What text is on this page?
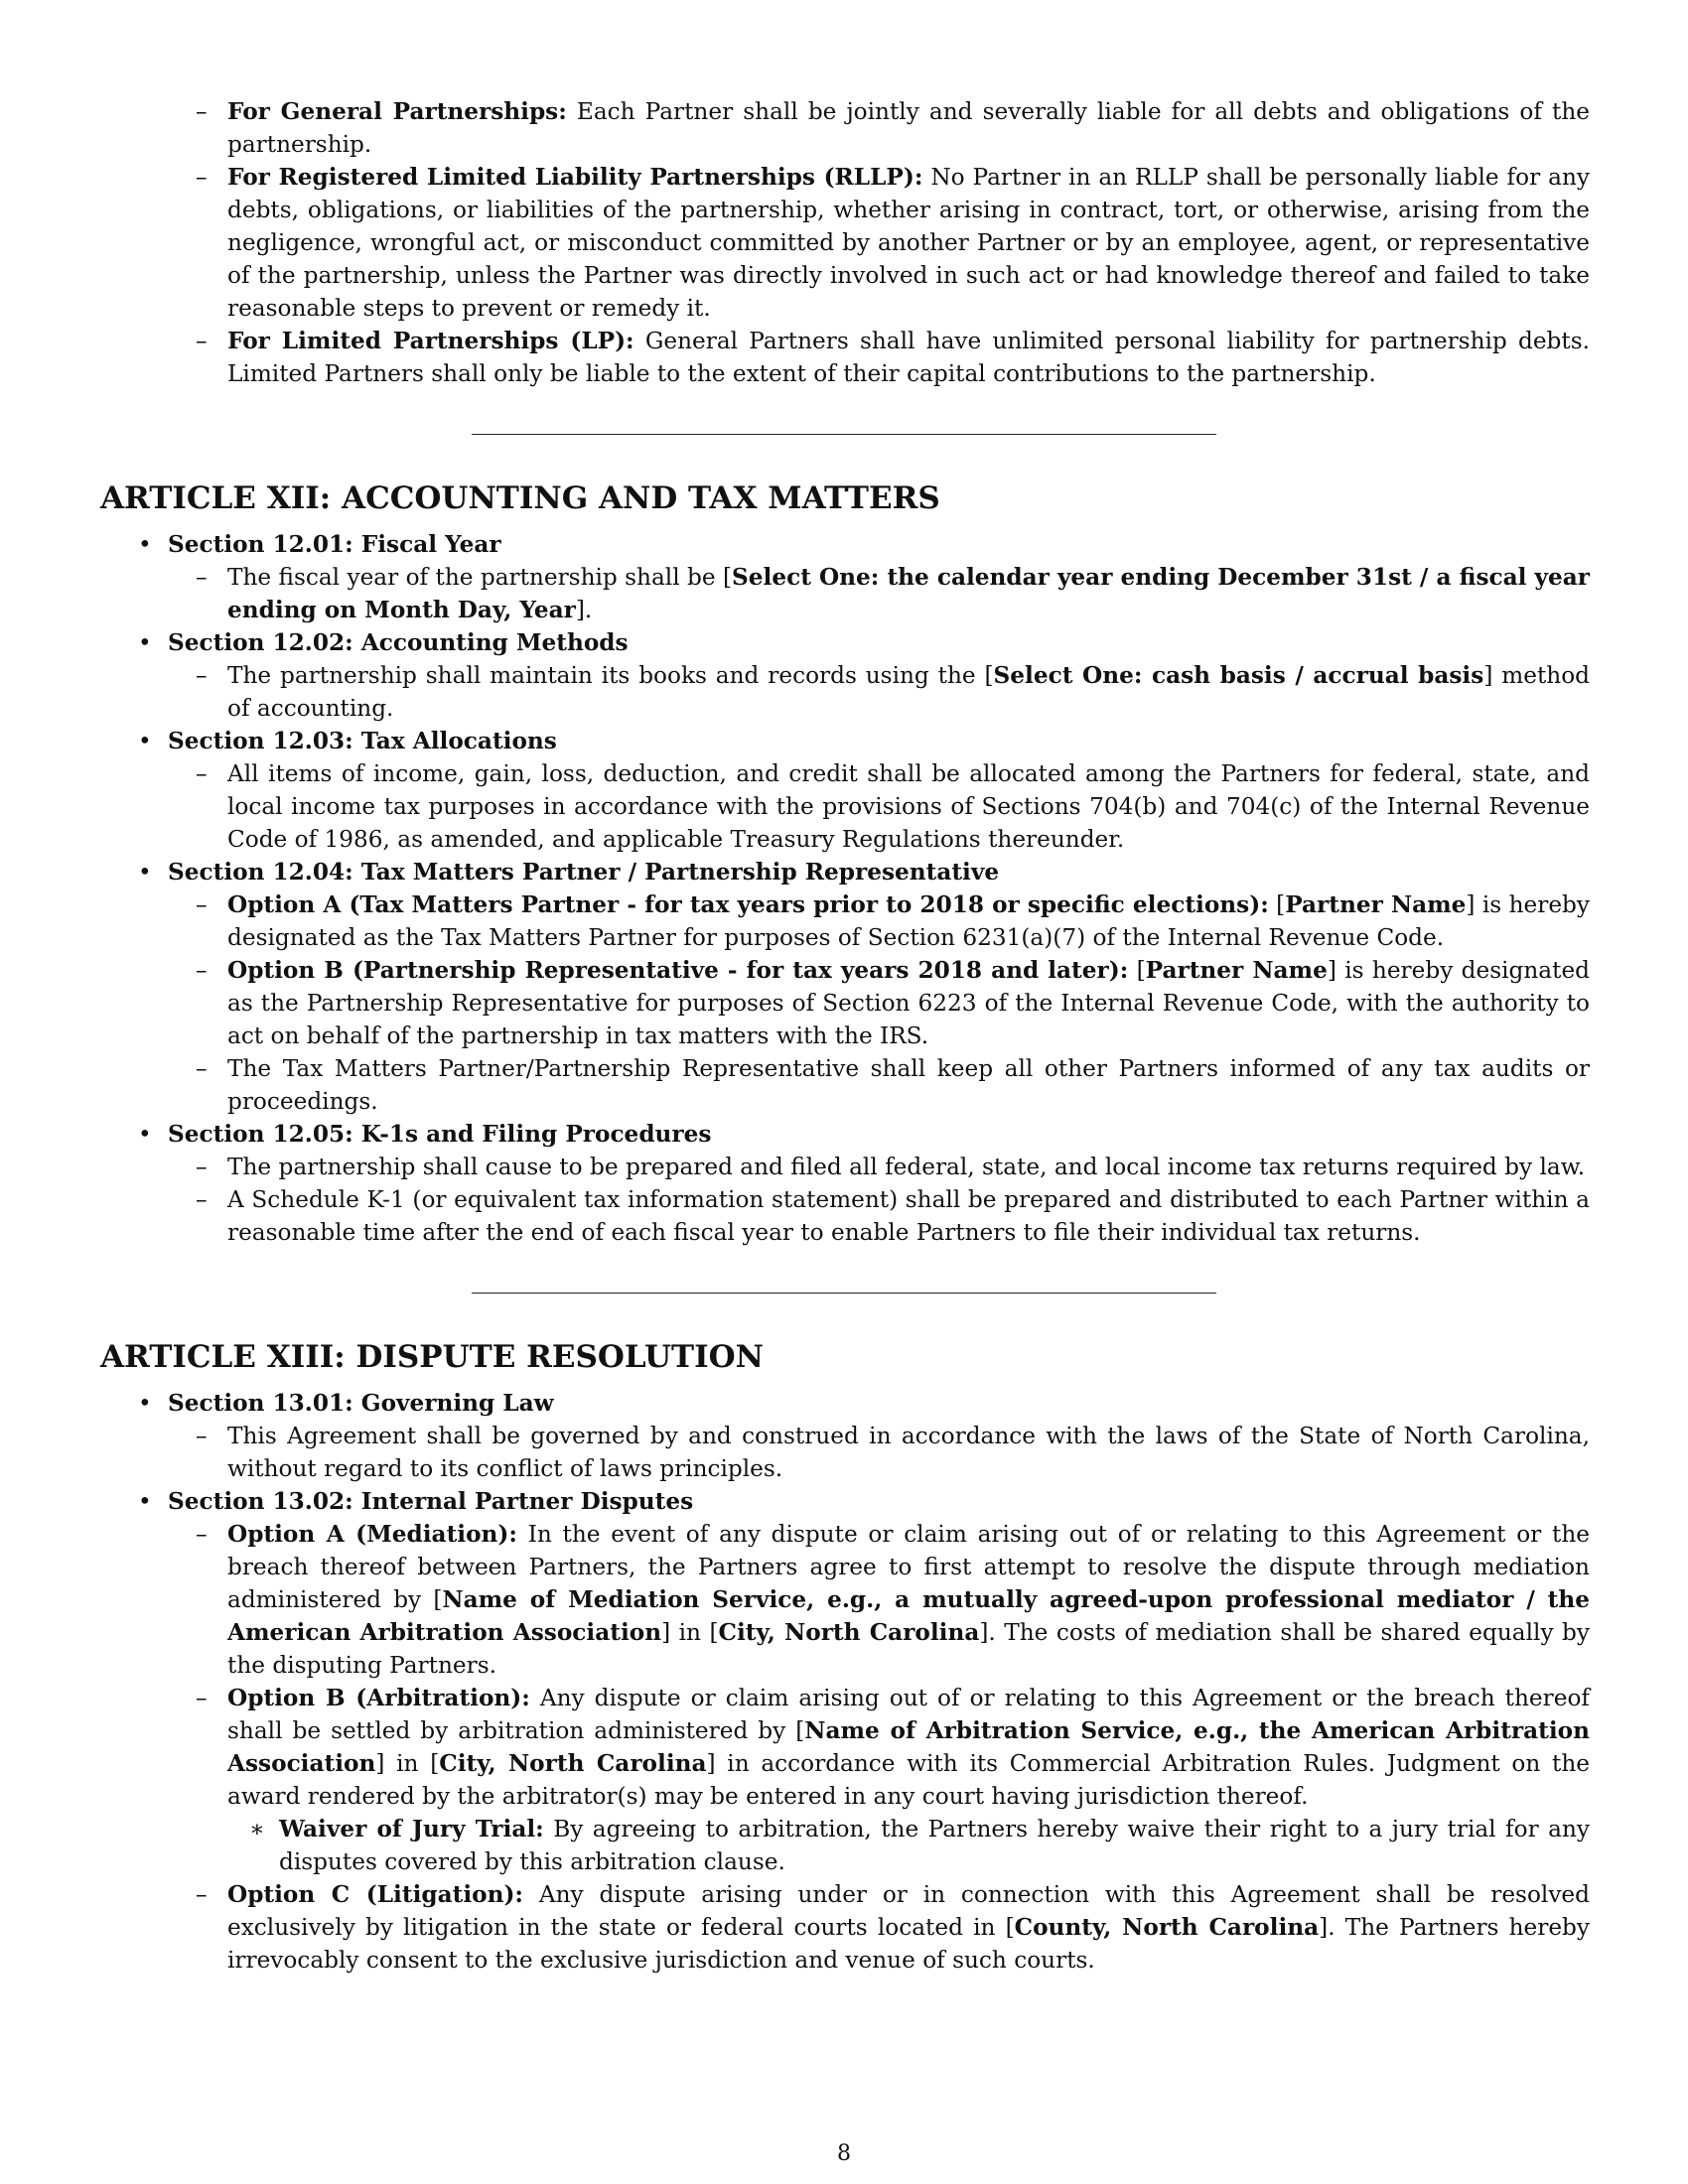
– For General Partnerships: Each Partner shall be jointly and severally liable for all debts and obligations of the partnership.
– For Registered Limited Liability Partnerships (RLLP): No Partner in an RLLP shall be personally liable for any debts, obligations, or liabilities of the partnership, whether arising in contract, tort, or otherwise, arising from the negligence, wrongful act, or misconduct committed by another Partner or by an employee, agent, or representative of the partnership, unless the Partner was directly involved in such act or had knowledge thereof and failed to take reasonable steps to prevent or remedy it.
– For Limited Partnerships (LP): General Partners shall have unlimited personal liability for partnership debts. Limited Partners shall only be liable to the extent of their capital contributions to the partnership.
ARTICLE XII: ACCOUNTING AND TAX MATTERS
• Section 12.01: Fiscal Year
– The fiscal year of the partnership shall be [Select One: the calendar year ending December 31st / a fiscal year ending on Month Day, Year].
• Section 12.02: Accounting Methods
– The partnership shall maintain its books and records using the [Select One: cash basis / accrual basis] method of accounting.
• Section 12.03: Tax Allocations
– All items of income, gain, loss, deduction, and credit shall be allocated among the Partners for federal, state, and local income tax purposes in accordance with the provisions of Sections 704(b) and 704(c) of the Internal Revenue Code of 1986, as amended, and applicable Treasury Regulations thereunder.
• Section 12.04: Tax Matters Partner / Partnership Representative
– Option A (Tax Matters Partner - for tax years prior to 2018 or specific elections): [Partner Name] is hereby designated as the Tax Matters Partner for purposes of Section 6231(a)(7) of the Internal Revenue Code.
– Option B (Partnership Representative - for tax years 2018 and later): [Partner Name] is hereby designated as the Partnership Representative for purposes of Section 6223 of the Internal Revenue Code, with the authority to act on behalf of the partnership in tax matters with the IRS.
– The Tax Matters Partner/Partnership Representative shall keep all other Partners informed of any tax audits or proceedings.
• Section 12.05: K-1s and Filing Procedures
– The partnership shall cause to be prepared and filed all federal, state, and local income tax returns required by law.
– A Schedule K-1 (or equivalent tax information statement) shall be prepared and distributed to each Partner within a reasonable time after the end of each fiscal year to enable Partners to file their individual tax returns.
ARTICLE XIII: DISPUTE RESOLUTION
• Section 13.01: Governing Law
– This Agreement shall be governed by and construed in accordance with the laws of the State of North Carolina, without regard to its conflict of laws principles.
• Section 13.02: Internal Partner Disputes
– Option A (Mediation): In the event of any dispute or claim arising out of or relating to this Agreement or the breach thereof between Partners, the Partners agree to first attempt to resolve the dispute through mediation administered by [Name of Mediation Service, e.g., a mutually agreed-upon professional mediator / the American Arbitration Association] in [City, North Carolina]. The costs of mediation shall be shared equally by the disputing Partners.
– Option B (Arbitration): Any dispute or claim arising out of or relating to this Agreement or the breach thereof shall be settled by arbitration administered by [Name of Arbitration Service, e.g., the American Arbitration Association] in [City, North Carolina] in accordance with its Commercial Arbitration Rules. Judgment on the award rendered by the arbitrator(s) may be entered in any court having jurisdiction thereof.
∗ Waiver of Jury Trial: By agreeing to arbitration, the Partners hereby waive their right to a jury trial for any disputes covered by this arbitration clause.
– Option C (Litigation): Any dispute arising under or in connection with this Agreement shall be resolved exclusively by litigation in the state or federal courts located in [County, North Carolina]. The Partners hereby irrevocably consent to the exclusive jurisdiction and venue of such courts.
8
